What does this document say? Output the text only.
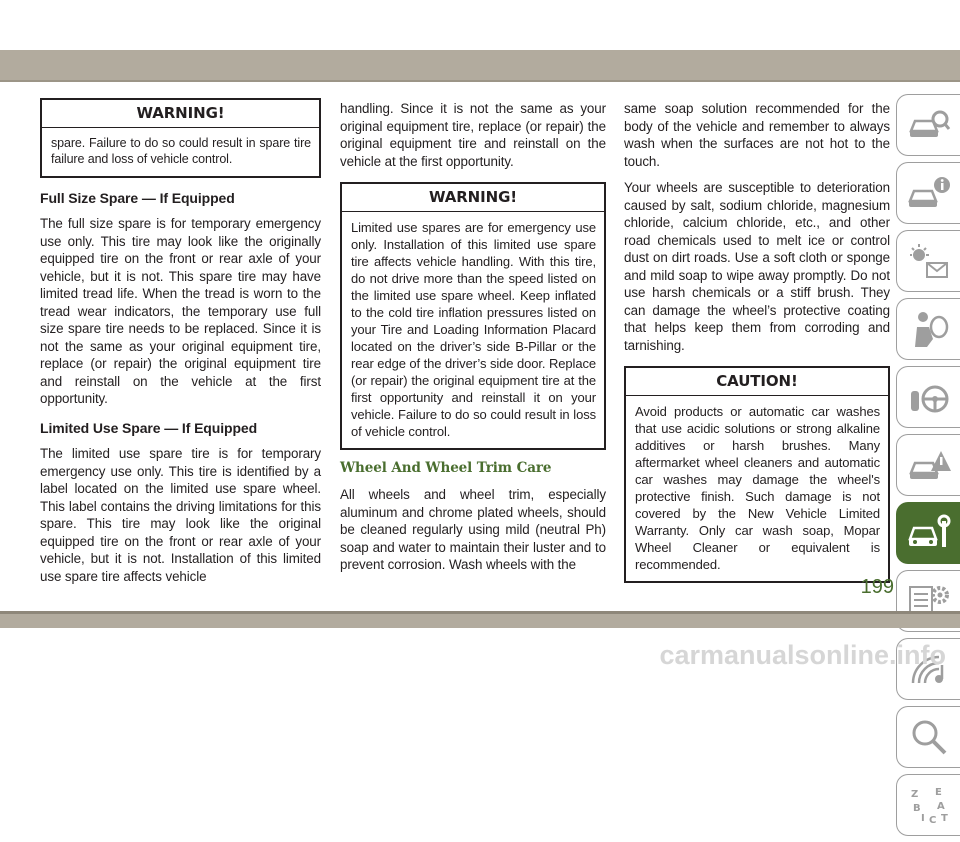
WARNING!

spare. Failure to do so could result in spare tire failure and loss of vehicle control.

Full Size Spare — If Equipped

The full size spare is for temporary emergency use only. This tire may look like the originally equipped tire on the front or rear axle of your vehicle, but it is not. This spare tire may have limited tread life. When the tread is worn to the tread wear indicators, the temporary use full size spare tire needs to be replaced. Since it is not the same as your original equipment tire, replace (or repair) the original equipment tire and reinstall on the vehicle at the first opportunity.

Limited Use Spare — If Equipped

The limited use spare tire is for temporary emergency use only. This tire is identified by a label located on the limited use spare wheel. This label contains the driving limitations for this spare. This tire may look like the original equipped tire on the front or rear axle of your vehicle, but it is not. Installation of this limited use spare tire affects vehicle

handling. Since it is not the same as your original equipment tire, replace (or repair) the original equipment tire and reinstall on the vehicle at the first opportunity.

WARNING!

Limited use spares are for emergency use only. Installation of this limited use spare tire affects vehicle handling. With this tire, do not drive more than the speed listed on the limited use spare wheel. Keep inflated to the cold tire inflation pressures listed on your Tire and Loading Information Placard located on the driver’s side B-Pillar or the rear edge of the driver’s side door. Replace (or repair) the original equipment tire at the first opportunity and reinstall it on your vehicle. Failure to do so could result in loss of vehicle control.

Wheel And Wheel Trim Care

All wheels and wheel trim, especially aluminum and chrome plated wheels, should be cleaned regularly using mild (neutral Ph) soap and water to maintain their luster and to prevent corrosion. Wash wheels with the

same soap solution recommended for the body of the vehicle and remember to always wash when the surfaces are not hot to the touch.

Your wheels are susceptible to deterioration caused by salt, sodium chloride, magnesium chloride, calcium chloride, etc., and other road chemicals used to melt ice or control dust on dirt roads. Use a soft cloth or sponge and mild soap to wipe away promptly. Do not use harsh chemicals or a stiff brush. They can damage the wheel’s protective coating that helps keep them from corroding and tarnishing.

CAUTION!

Avoid products or automatic car washes that use acidic solutions or strong alkaline additives or harsh brushes. Many aftermarket wheel cleaners and automatic car washes may damage the wheel's protective finish. Such damage is not covered by the New Vehicle Limited Warranty. Only car wash soap, Mopar Wheel Cleaner or equivalent is recommended.

Z E
B A
I C T
199
carmanualsonline.info
